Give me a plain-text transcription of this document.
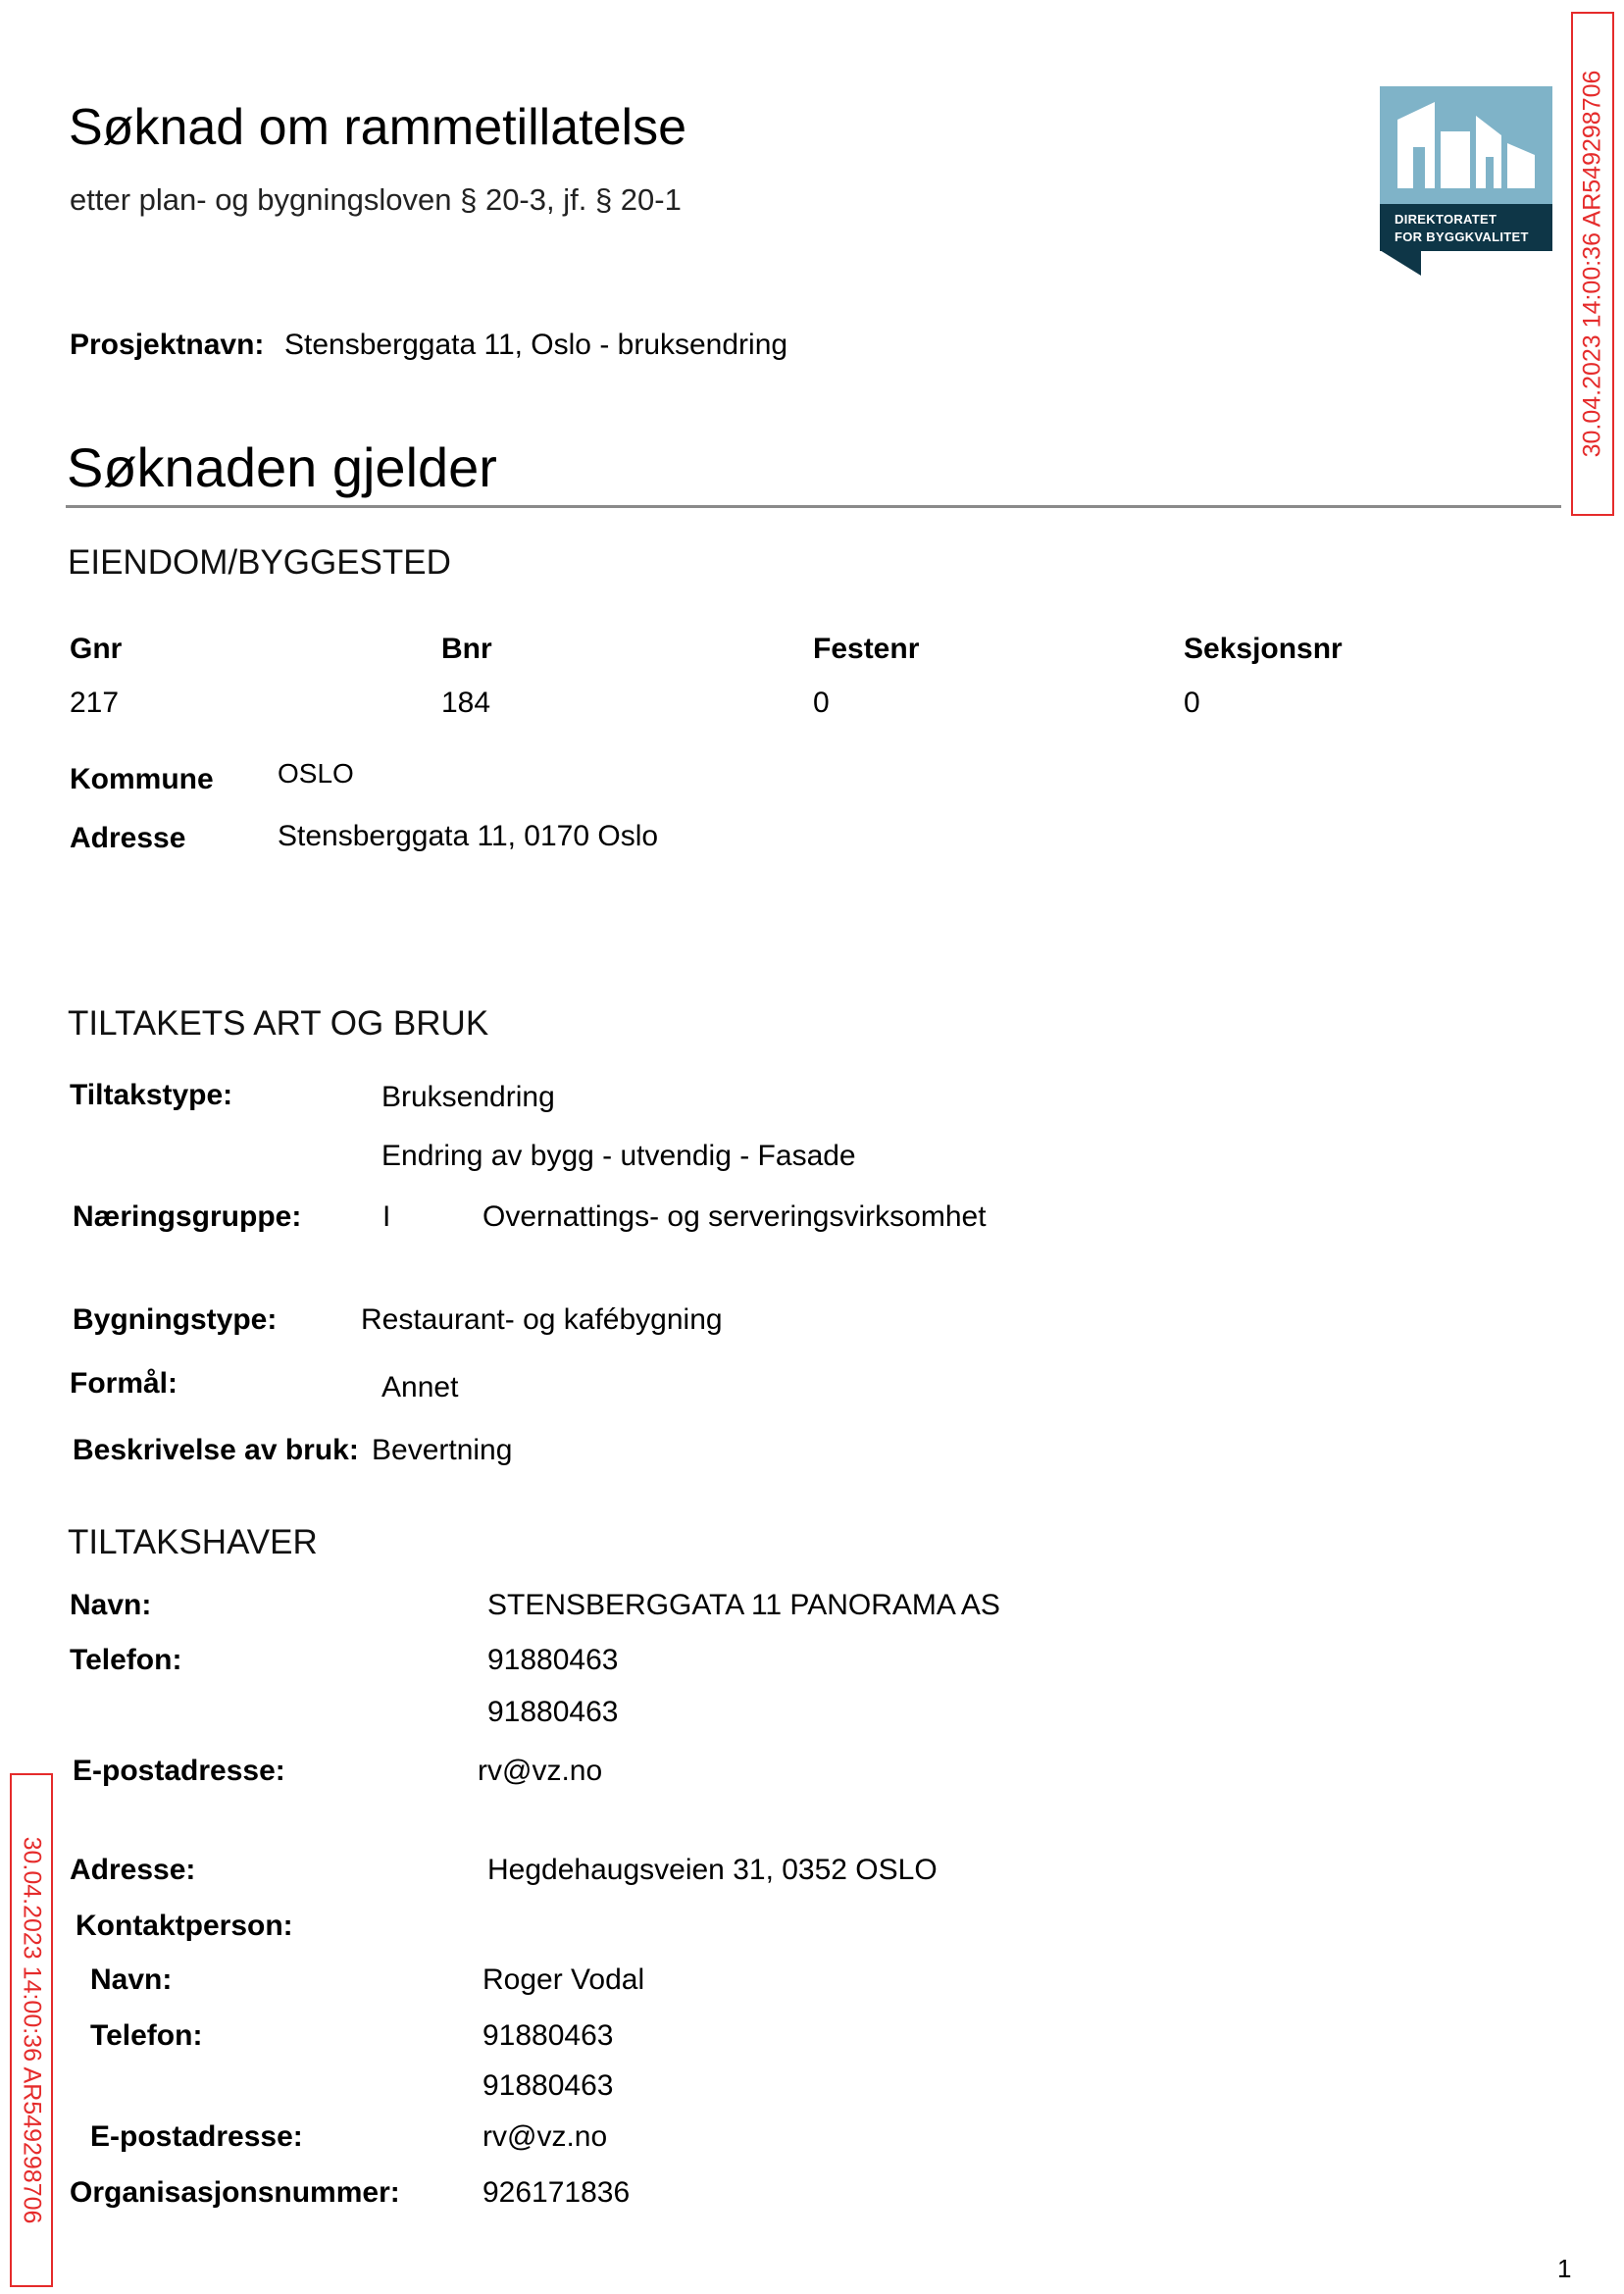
Søknad om rammetillatelse
etter plan- og bygningsloven § 20-3, jf. § 20-1
DIREKTORATET
FOR BYGGKVALITET 30.04.2023 14:00:36 AR549298706
30.04.2023 14:00:36 AR549298706
Prosjektnavn: Stensberggata 11, Oslo - bruksendring
Søknaden gjelder
EIENDOM/BYGGESTED
Gnr	Bnr	Festenr	Seksjonsnr
217	184	0	0
Kommune OSLO
Adresse	Stensberggata 11, 0170 Oslo
TILTAKETS ART OG BRUK
Tiltakstype:	Bruksendring
Endring av bygg - utvendig - Fasade
Næringsgruppe:	I	Overnattings- og serveringsvirksomhet
Bygningstype:	Restaurant- og kafébygning
Formål:	Annet
Beskrivelse av bruk: Bevertning
TILTAKSHAVER
Navn:	STENSBERGGATA 11 PANORAMA AS
Telefon:	91880463
91880463
E-postadresse:	rv@vz.no
Adresse:	Hegdehaugsveien 31, 0352 OSLO
Kontaktperson:
Navn:	Roger Vodal
Telefon:	91880463
91880463
E-postadresse:	rv@vz.no
Organisasjonsnummer:	926171836
1
